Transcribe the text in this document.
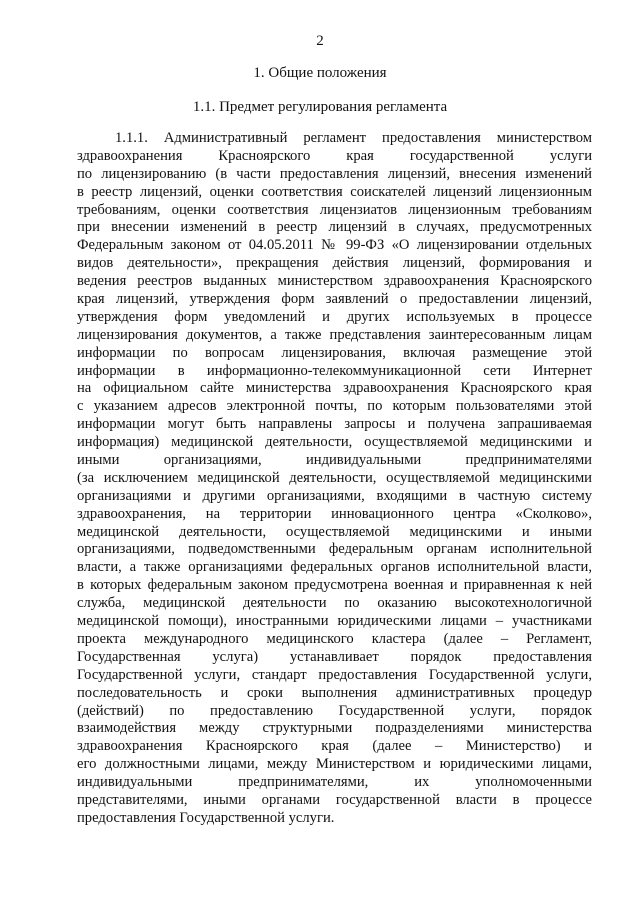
2
1. Общие положения
1.1. Предмет регулирования регламента
1.1.1. Административный регламент предоставления министерством
здравоохранения Красноярского края государственной услуги
по лицензированию (в части предоставления лицензий, внесения изменений
в реестр лицензий, оценки соответствия соискателей лицензий лицензионным
требованиям, оценки соответствия лицензиатов лицензионным требованиям
при внесении изменений в реестр лицензий в случаях, предусмотренных
Федеральным законом от 04.05.2011 № 99-ФЗ «О лицензировании отдельных
видов деятельности», прекращения действия лицензий, формирования и
ведения реестров выданных министерством здравоохранения Красноярского
края лицензий, утверждения форм заявлений о предоставлении лицензий,
утверждения форм уведомлений и других используемых в процессе
лицензирования документов, а также представления заинтересованным лицам
информации по вопросам лицензирования, включая размещение этой
информации в информационно-телекоммуникационной сети Интернет
на официальном сайте министерства здравоохранения Красноярского края
с указанием адресов электронной почты, по которым пользователями этой
информации могут быть направлены запросы и получена запрашиваемая
информация) медицинской деятельности, осуществляемой медицинскими и
иными организациями, индивидуальными предпринимателями
(за исключением медицинской деятельности, осуществляемой медицинскими
организациями и другими организациями, входящими в частную систему
здравоохранения, на территории инновационного центра «Сколково»,
медицинской деятельности, осуществляемой медицинскими и иными
организациями, подведомственными федеральным органам исполнительной
власти, а также организациями федеральных органов исполнительной власти,
в которых федеральным законом предусмотрена военная и приравненная к ней
служба, медицинской деятельности по оказанию высокотехнологичной
медицинской помощи), иностранными юридическими лицами – участниками
проекта международного медицинского кластера (далее – Регламент,
Государственная услуга) устанавливает порядок предоставления
Государственной услуги, стандарт предоставления Государственной услуги,
последовательность и сроки выполнения административных процедур
(действий) по предоставлению Государственной услуги, порядок
взаимодействия между структурными подразделениями министерства
здравоохранения Красноярского края (далее – Министерство) и
его должностными лицами, между Министерством и юридическими лицами,
индивидуальными предпринимателями, их уполномоченными
представителями, иными органами государственной власти в процессе
предоставления Государственной услуги.
